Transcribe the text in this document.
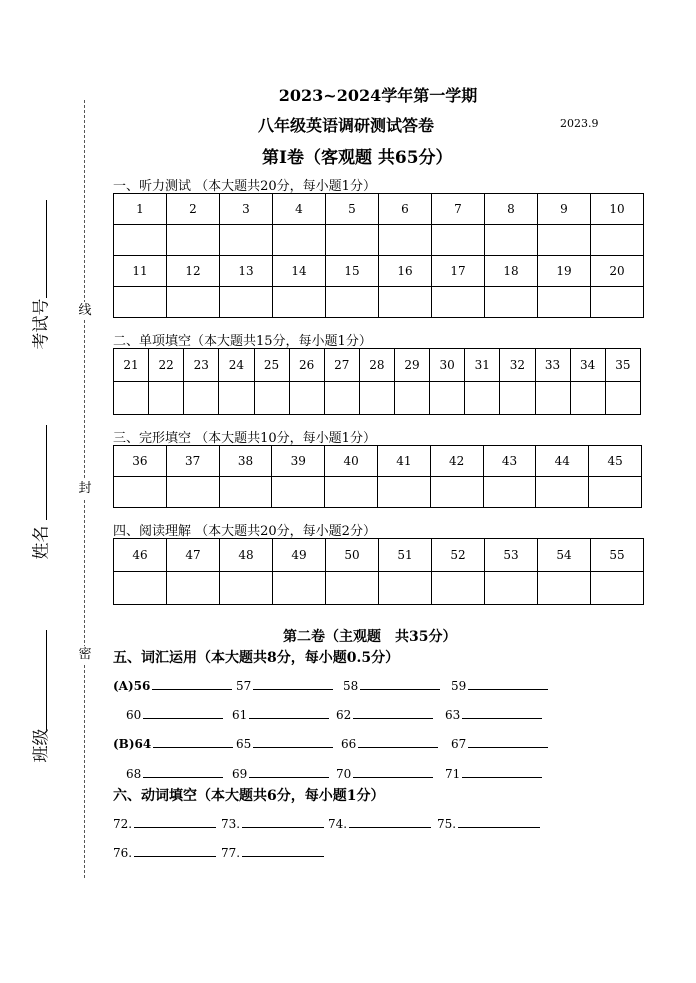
线
封
密
考试号
姓名
班级
2023~2024学年第一学期
八年级英语调研测试答卷	2023.9
第Ⅰ卷（客观题 共65分）
一、听力测试 （本大题共20分，每小题1分）
1	2	3	4	5	6	7	8	9	10

11	12	13	14	15	16	17	18	19	20

二、单项填空（本大题共15分，每小题1分）
21	22	23	24	25	26	27	28	29	30	31	32	33	34	35

三、完形填空 （本大题共10分，每小题1分）
36	37	38	39	40	41	42	43	44	45

四、阅读理解 （本大题共20分，每小题2分）
46	47	48	49	50	51	52	53	54	55

第二卷（主观题　共35分）
五、词汇运用（本大题共8分，每小题0.5分）
(A)56	57	58	59
60	61	62	63
(B)64	65	66	67
68	69	70	71
六、动词填空（本大题共6分，每小题1分）
72.	73.	74.	75.
76.	77.
